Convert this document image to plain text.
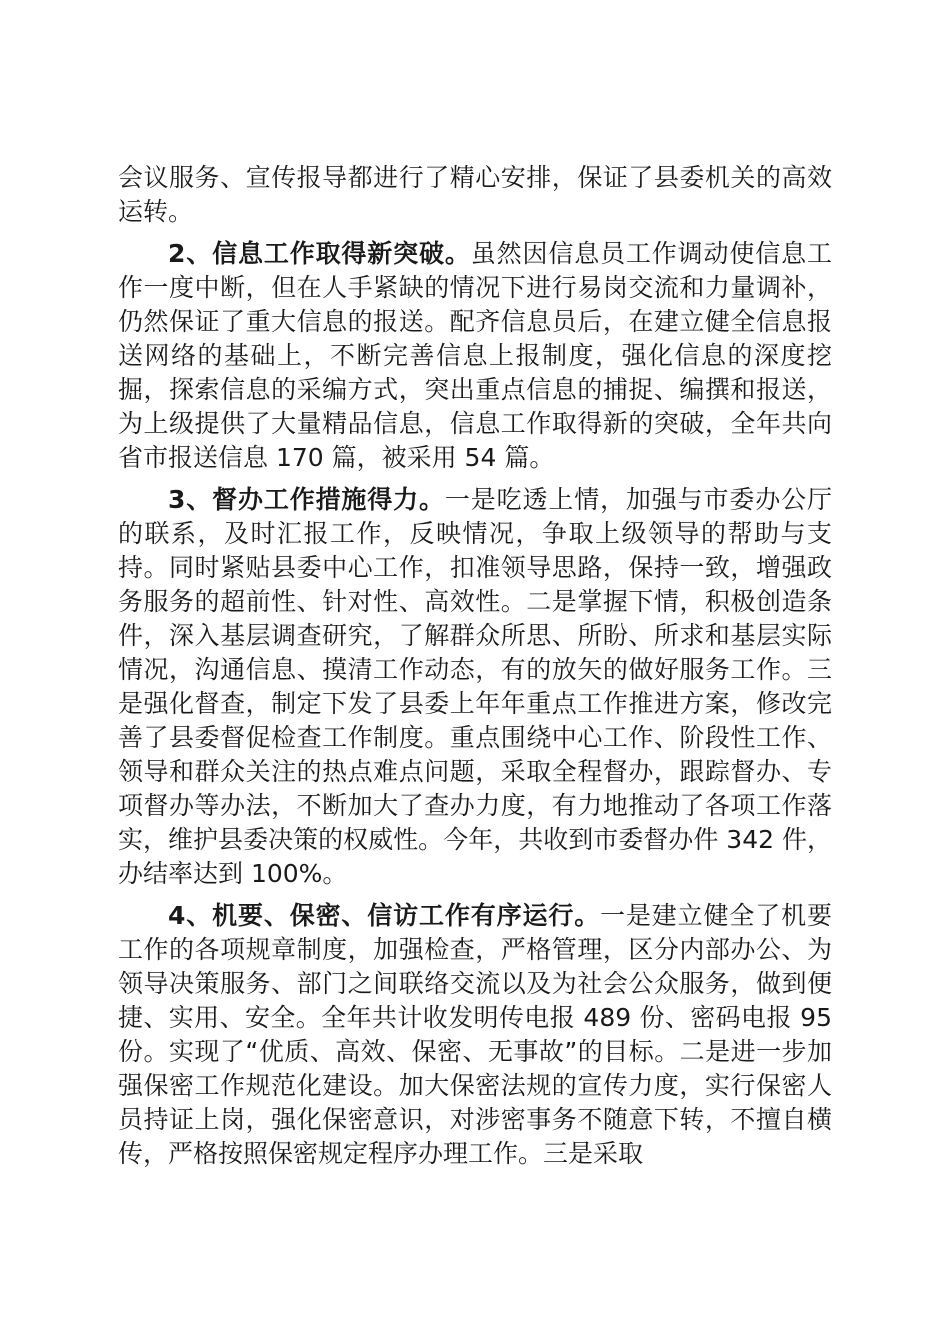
会议服务、宣传报导都进行了精心安排，保证了县委机关的高效运转。

2、信息工作取得新突破。虽然因信息员工作调动使信息工作一度中断，但在人手紧缺的情况下进行易岗交流和力量调补，仍然保证了重大信息的报送。配齐信息员后，在建立健全信息报送网络的基础上，不断完善信息上报制度，强化信息的深度挖掘，探索信息的采编方式，突出重点信息的捕捉、编撰和报送，为上级提供了大量精品信息，信息工作取得新的突破，全年共向省市报送信息 170 篇，被采用 54 篇。

3、督办工作措施得力。一是吃透上情，加强与市委办公厅的联系，及时汇报工作，反映情况，争取上级领导的帮助与支持。同时紧贴县委中心工作，扣准领导思路，保持一致，增强政务服务的超前性、针对性、高效性。二是掌握下情，积极创造条件，深入基层调查研究，了解群众所思、所盼、所求和基层实际情况，沟通信息、摸清工作动态，有的放矢的做好服务工作。三是强化督查，制定下发了县委上年年重点工作推进方案，修改完善了县委督促检查工作制度。重点围绕中心工作、阶段性工作、领导和群众关注的热点难点问题，采取全程督办，跟踪督办、专项督办等办法，不断加大了查办力度，有力地推动了各项工作落实，维护县委决策的权威性。今年，共收到市委督办件 342 件，办结率达到 100%。

4、机要、保密、信访工作有序运行。一是建立健全了机要工作的各项规章制度，加强检查，严格管理，区分内部办公、为领导决策服务、部门之间联络交流以及为社会公众服务，做到便捷、实用、安全。全年共计收发明传电报 489 份、密码电报 95 份。实现了“优质、高效、保密、无事故”的目标。二是进一步加强保密工作规范化建设。加大保密法规的宣传力度，实行保密人员持证上岗，强化保密意识，对涉密事务不随意下转，不擅自横传，严格按照保密规定程序办理工作。三是采取
